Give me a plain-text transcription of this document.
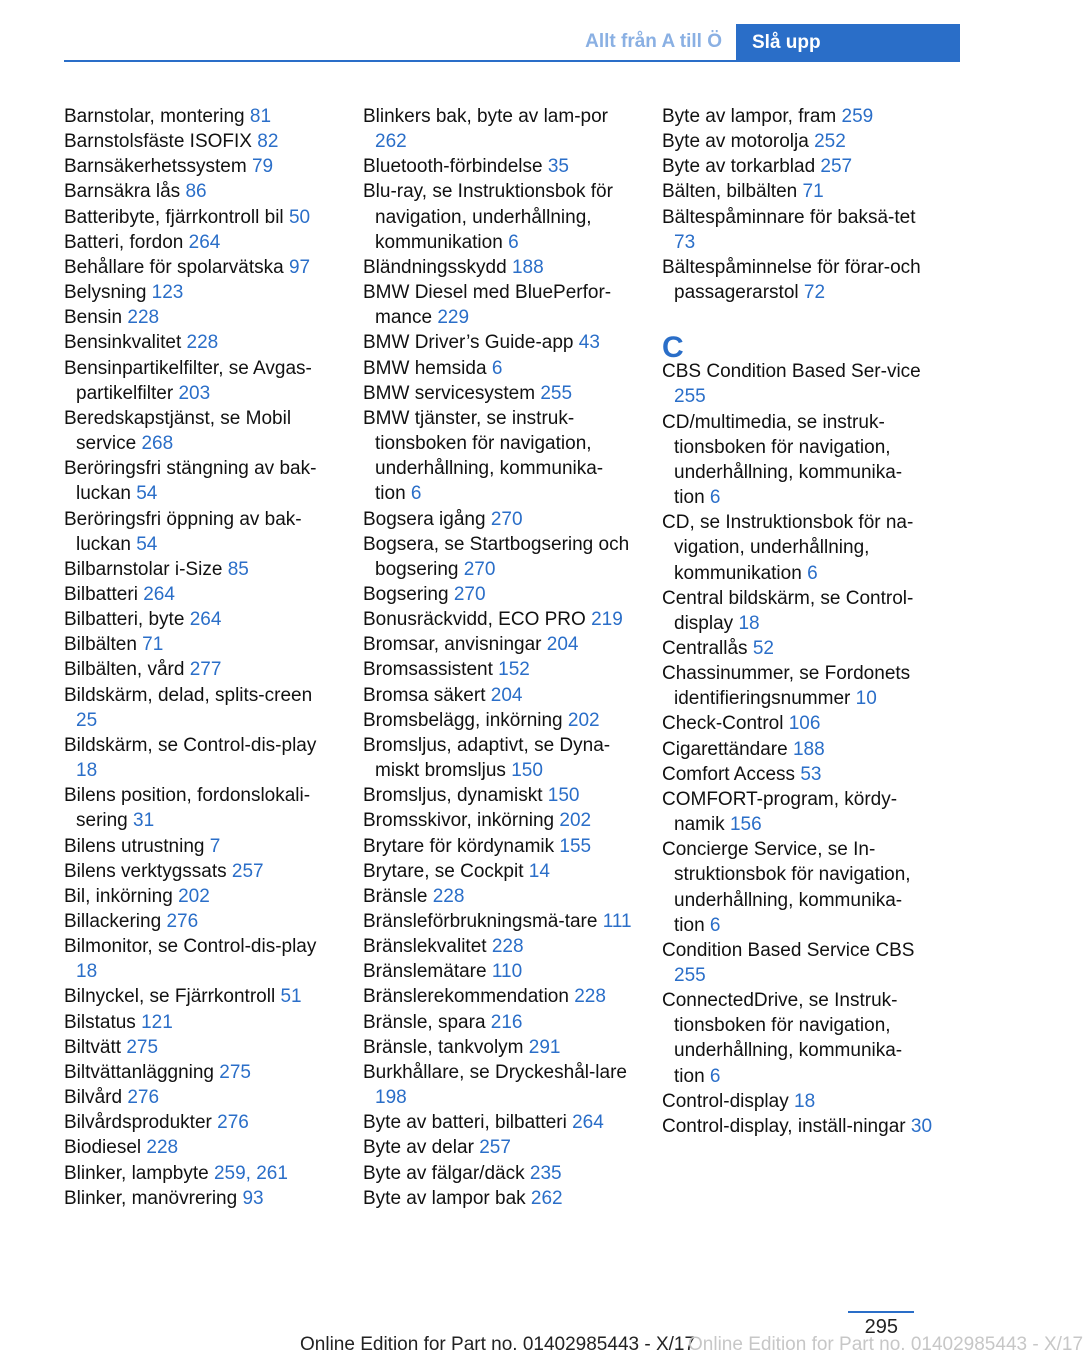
Allt från A till Ö	Slå upp
Barnstolar, montering 81
Barnstolsfäste ISOFIX 82
Barnsäkerhetssystem 79
Barnsäkra lås 86
Batteribyte, fjärrkontroll bil 50
Batteri, fordon 264
Behållare för spolarvätska 97
Belysning 123
Bensin 228
Bensinkvalitet 228
Bensinpartikelfilter, se Avgas‐partikelfilter 203
Beredskapstjänst, se Mobil service 268
Beröringsfri stängning av bak‐luckan 54
Beröringsfri öppning av bak‐luckan 54
Bilbarnstolar i-Size 85
Bilbatteri 264
Bilbatteri, byte 264
Bilbälten 71
Bilbälten, vård 277
Bildskärm, delad, splits‐creen 25
Bildskärm, se Control-dis‐play 18
Bilens position, fordonslokali‐sering 31
Bilens utrustning 7
Bilens verktygssats 257
Bil, inkörning 202
Billackering 276
Bilmonitor, se Control-dis‐play 18
Bilnyckel, se Fjärrkontroll 51
Bilstatus 121
Biltvätt 275
Biltvättanläggning 275
Bilvård 276
Bilvårdsprodukter 276
Biodiesel 228
Blinker, lampbyte 259, 261
Blinker, manövrering 93
Blinkers bak, byte av lam‐por 262
Bluetooth-förbindelse 35
Blu-ray, se Instruktionsbok för navigation, underhållning, kommunikation 6
Bländningsskydd 188
BMW Diesel med BluePerfor‐mance 229
BMW Driver’s Guide-app 43
BMW hemsida 6
BMW servicesystem 255
BMW tjänster, se instruk‐tionsboken för navigation, underhållning, kommunika‐tion 6
Bogsera igång 270
Bogsera, se Startbogsering och bogsering 270
Bogsering 270
Bonusräckvidd, ECO PRO 219
Bromsar, anvisningar 204
Bromsassistent 152
Bromsa säkert 204
Bromsbelägg, inkörning 202
Bromsljus, adaptivt, se Dyna‐miskt bromsljus 150
Bromsljus, dynamiskt 150
Bromsskivor, inkörning 202
Brytare för kördynamik 155
Brytare, se Cockpit 14
Bränsle 228
Bränsleförbrukningsmä‐tare 111
Bränslekvalitet 228
Bränslemätare 110
Bränslerekommendation 228
Bränsle, spara 216
Bränsle, tankvolym 291
Burkhållare, se Dryckeshål‐lare 198
Byte av batteri, bilbatteri 264
Byte av delar 257
Byte av fälgar/däck 235
Byte av lampor bak 262
Byte av lampor, fram 259
Byte av motorolja 252
Byte av torkarblad 257
Bälten, bilbälten 71
Bältespåminnare för baksä‐tet 73
Bältespåminnelse för förar‐och passagerarstol 72
C
CBS Condition Based Ser‐vice 255
CD/multimedia, se instruk‐tionsboken för navigation, underhållning, kommunika‐tion 6
CD, se Instruktionsbok för na‐vigation, underhållning, kommunikation 6
Central bildskärm, se Control-display 18
Centrallås 52
Chassinummer, se Fordonets identifieringsnummer 10
Check-Control 106
Cigarettändare 188
Comfort Access 53
COMFORT-program, kördy‐namik 156
Concierge Service, se In‐struktionsbok för navigation, underhållning, kommunika‐tion 6
Condition Based Service CBS 255
ConnectedDrive, se Instruk‐tionsboken för navigation, underhållning, kommunika‐tion 6
Control-display 18
Control-display, inställ‐ningar 30
295
Online Edition for Part no. 01402985443 - X/17
Online Edition for Part no. 01402985443 - X/17
